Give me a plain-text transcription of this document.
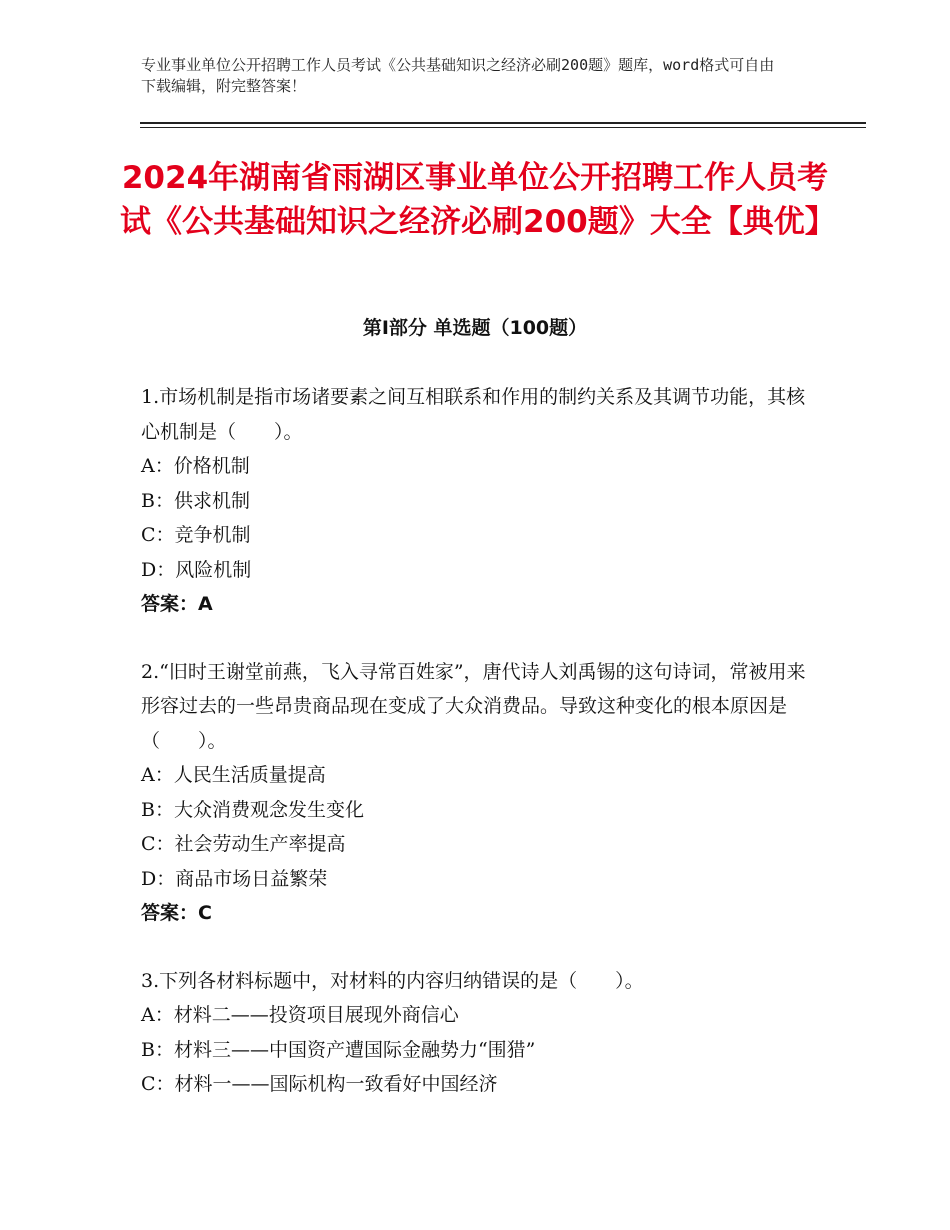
专业事业单位公开招聘工作人员考试《公共基础知识之经济必刷200题》题库，word格式可自由下载编辑，附完整答案！
2024年湖南省雨湖区事业单位公开招聘工作人员考试《公共基础知识之经济必刷200题》大全【典优】
第I部分 单选题（100题）

1.市场机制是指市场诸要素之间互相联系和作用的制约关系及其调节功能，其核心机制是（　　）。

A：价格机制

B：供求机制

C：竞争机制

D：风险机制

答案：A

2.“旧时王谢堂前燕，飞入寻常百姓家”，唐代诗人刘禹锡的这句诗词，常被用来形容过去的一些昂贵商品现在变成了大众消费品。导致这种变化的根本原因是（　　）。

A：人民生活质量提高

B：大众消费观念发生变化

C：社会劳动生产率提高

D：商品市场日益繁荣

答案：C

3.下列各材料标题中，对材料的内容归纳错误的是（　　）。

A：材料二——投资项目展现外商信心

B：材料三——中国资产遭国际金融势力“围猎”

C：材料一——国际机构一致看好中国经济
